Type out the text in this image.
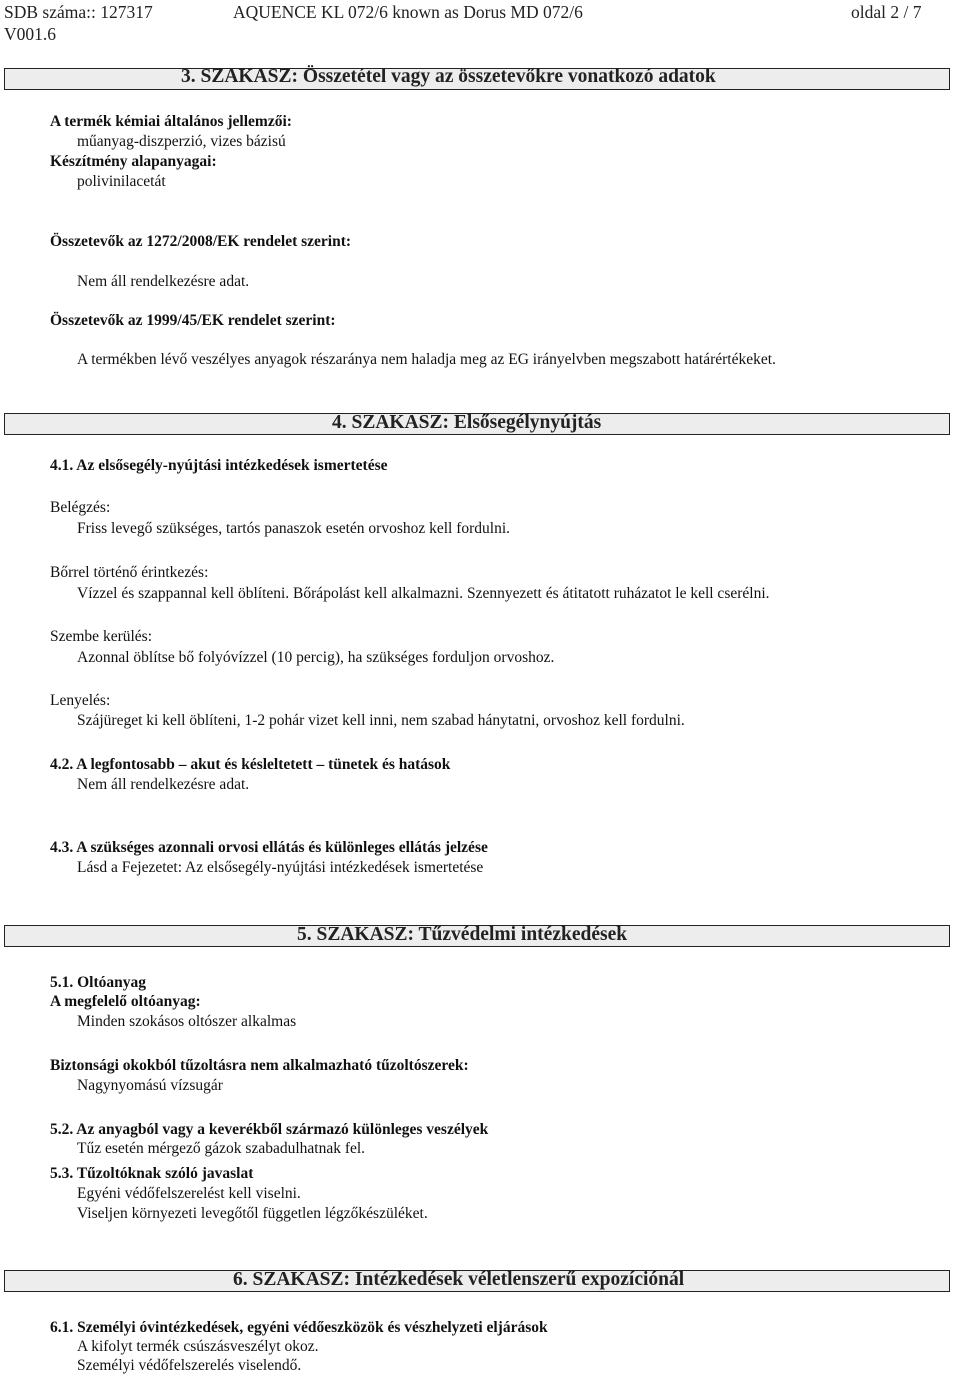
SDB száma:: 127317
V001.6
AQUENCE KL 072/6 known as Dorus MD 072/6	oldal 2 / 7
3. SZAKASZ: Összetétel vagy az összetevőkre vonatkozó adatok
A termék kémiai általános jellemzői:
műanyag-diszperzió, vizes bázisú
Készítmény alapanyagai:
polivinilacetát
Összetevők az 1272/2008/EK rendelet szerint:
Nem áll rendelkezésre adat.
Összetevők az 1999/45/EK rendelet szerint:
A termékben lévő veszélyes anyagok részaránya nem haladja meg az EG irányelvben megszabott határértékeket.
4. SZAKASZ: Elsősegélynyújtás
4.1. Az elsősegély-nyújtási intézkedések ismertetése
Belégzés:
Friss levegő szükséges, tartós panaszok esetén orvoshoz kell fordulni.
Bőrrel történő érintkezés:
Vízzel és szappannal kell öblíteni. Bőrápolást kell alkalmazni. Szennyezett és átitatott ruházatot le kell cserélni.
Szembe kerülés:
Azonnal öblítse bő folyóvízzel (10 percig), ha szükséges forduljon orvoshoz.
Lenyelés:
Szájüreget ki kell öblíteni, 1-2 pohár vizet kell inni, nem szabad hánytatni, orvoshoz kell fordulni.
4.2. A legfontosabb – akut és késleltetett – tünetek és hatások
Nem áll rendelkezésre adat.
4.3. A szükséges azonnali orvosi ellátás és különleges ellátás jelzése
Lásd a Fejezetet: Az elsősegély-nyújtási intézkedések ismertetése
5. SZAKASZ: Tűzvédelmi intézkedések
5.1. Oltóanyag
A megfelelő oltóanyag:
Minden szokásos oltószer alkalmas
Biztonsági okokból tűzoltásra nem alkalmazható tűzoltószerek:
Nagynyomású vízsugár
5.2. Az anyagból vagy a keverékből származó különleges veszélyek
Tűz esetén mérgező gázok szabadulhatnak fel.
5.3. Tűzoltóknak szóló javaslat
Egyéni védőfelszerelést kell viselni.
Viseljen környezeti levegőtől független légzőkészüléket.
6. SZAKASZ: Intézkedések véletlenszerű expozíciónál
6.1. Személyi óvintézkedések, egyéni védőeszközök és vészhelyzeti eljárások
A kifolyt termék csúszásveszélyt okoz.
Személyi védőfelszerelés viselendő.
